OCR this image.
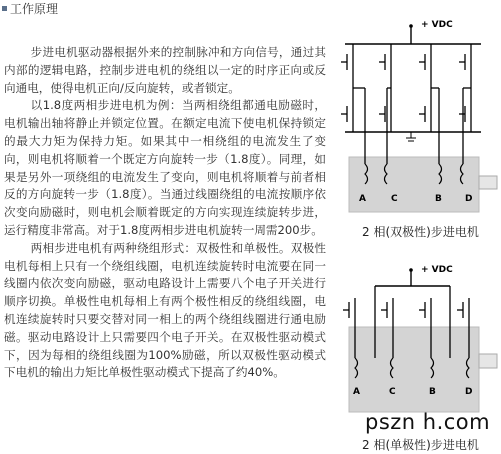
工作原理

步进电机驱动器根据外来的控制脉冲和方向信号，通过其内部的逻辑电路，控制步进电机的绕组以一定的时序正向或反向通电，使得电机正向/反向旋转，或者锁定。

以1.8度两相步进电机为例：当两相绕组都通电励磁时，电机输出轴将静止并锁定位置。在额定电流下使电机保持锁定的最大力矩为保持力矩。如果其中一相绕组的电流发生了变向，则电机将顺着一个既定方向旋转一步（1.8度）。同理，如果是另外一项绕组的电流发生了变向，则电机将顺着与前者相反的方向旋转一步（1.8度）。当通过线圈绕组的电流按顺序依次变向励磁时，则电机会顺着既定的方向实现连续旋转步进，运行精度非常高。对于1.8度两相步进电机旋转一周需200步。

两相步进电机有两种绕组形式：双极性和单极性。双极性电机每相上只有一个绕组线圈，电机连续旋转时电流要在同一线圈内依次变向励磁，驱动电路设计上需要八个电子开关进行顺序切换。单极性电机每相上有两个极性相反的绕组线圈，电机连续旋转时只要交替对同一相上的两个绕组线圈进行通电励磁。驱动电路设计上只需要四个电子开关。在双极性驱动模式下，因为每相的绕组线圈为100%励磁，所以双极性驱动模式下电机的输出力矩比单极性驱动模式下提高了约40%。

+ VDC
A	C	B	D
2 相(双极性)步进电机
+ VDC
A	C	B	D
pszn h.com
2 相(单极性)步进电机
